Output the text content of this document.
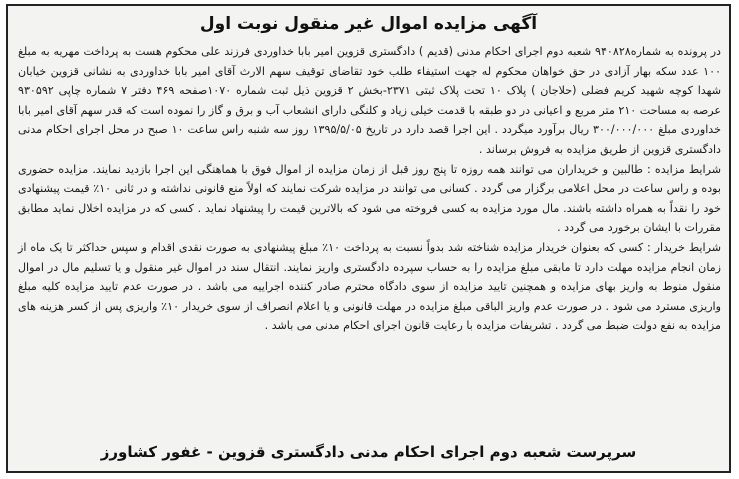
آگهی مزایده اموال غیر منقول نوبت اول

در پرونده به شماره۹۴۰۸۲۸ شعبه دوم اجرای احکام مدنی (قدیم ) دادگستری قزوین امیر بابا خداوردی فرزند علی محکوم هست به پرداخت مهریه به مبلغ ۱۰۰ عدد سکه بهار آزادی در حق خواهان محکوم له جهت استیفاء طلب خود تقاضای توقیف سهم الارث آقای امیر بابا خداوردی به نشانی قزوین خیابان شهدا کوچه شهید کریم فضلی (حلاجان ) پلاک ۱۰ تحت پلاک ثبتی ۲۳۷۱-بخش ۲ قزوین ذیل ثبت شماره ۱۰۷۰صفحه ۴۶۹ دفتر ۷ شماره چاپی ۹۳۰۵۹۲ عرصه به مساحت ۲۱۰ متر مربع و اعیانی در دو طبقه با قدمت خیلی زیاد و کلنگی دارای انشعاب آب و برق و گاز را نموده است که قدر سهم آقای امیر بابا خداوردی مبلغ ۳۰۰/۰۰۰/۰۰۰ ریال برآورد میگردد . این اجرا قصد دارد در تاریخ ۱۳۹۵/۵/۰۵ روز سه شنبه راس ساعت ۱۰ صبح در محل اجرای احکام مدنی دادگستری قزوین از طریق مزایده به فروش برساند .

شرایط مزایده : طالبین و خریداران می توانند همه روزه تا پنج روز قبل از زمان مزایده از اموال فوق با هماهنگی این اجرا بازدید نمایند. مزایده حضوری بوده و راس ساعت در محل اعلامی برگزار می گردد . کسانی می توانند در مزایده شرکت نمایند که اولاً منع قانونی نداشته و در ثانی ۱۰٪ قیمت پیشنهادی خود را نقداً به همراه داشته باشند. مال مورد مزایده به کسی فروخته می شود که بالاترین قیمت را پیشنهاد نماید . کسی که در مزایده اخلال نماید مطابق مقررات با ایشان برخورد می گردد .

شرایط خریدار : کسی که بعنوان خریدار مزایده شناخته شد بدواً نسبت به پرداخت ۱۰٪ مبلغ پیشنهادی به صورت نقدی اقدام و سپس حداکثر تا یک ماه از زمان انجام مزایده مهلت دارد تا مابقی مبلغ مزایده را به حساب سپرده دادگستری واریز نمایند. انتقال سند در اموال غیر منقول و یا تسلیم مال در اموال منقول منوط به واریز بهای مزایده و همچنین تایید مزایده از سوی دادگاه محترم صادر کننده اجراییه می باشد . در صورت عدم تایید مزایده کلیه مبلغ واریزی مسترد می شود . در صورت عدم واریز الباقی مبلغ مزایده در مهلت قانونی و یا اعلام انصراف از سوی خریدار ۱۰٪ واریزی پس از کسر هزینه های مزایده به نفع دولت ضبط می گردد . تشریفات مزایده با رعایت قانون اجرای احکام مدنی می باشد .

سرپرست شعبه دوم اجرای احکام مدنی دادگستری قزوین - غفور کشاورز
